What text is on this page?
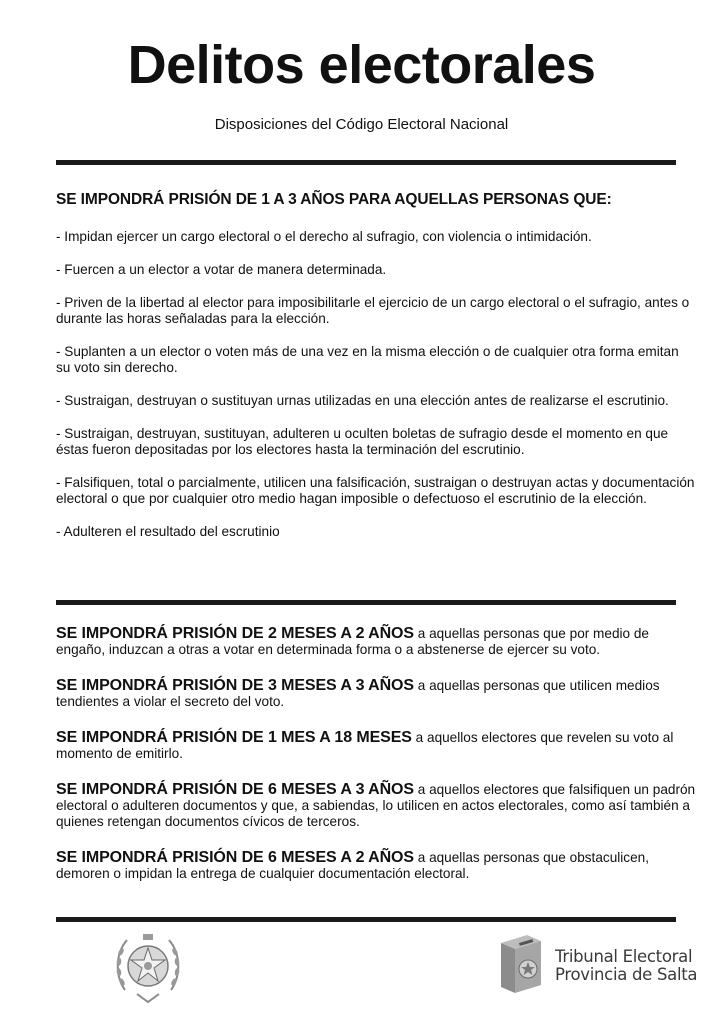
Delitos electorales
Disposiciones del Código Electoral Nacional
SE IMPONDRÁ PRISIÓN DE 1 A 3 AÑOS PARA AQUELLAS PERSONAS QUE:
- Impidan ejercer un cargo electoral o el derecho al sufragio, con violencia o intimidación.
- Fuercen a un elector a votar de manera determinada.
- Priven de la libertad al elector para imposibilitarle el ejercicio de un cargo electoral o el sufragio, antes o durante las horas señaladas para la elección.
- Suplanten a un elector o voten más de una vez en la misma elección o de cualquier otra forma emitan su voto sin derecho.
- Sustraigan, destruyan o sustituyan urnas utilizadas en una elección antes de realizarse el escrutinio.
- Sustraigan, destruyan, sustituyan, adulteren u oculten boletas de sufragio desde el momento en que éstas fueron depositadas por los electores hasta la terminación del escrutinio.
- Falsifiquen, total o parcialmente, utilicen una falsificación, sustraigan o destruyan actas y documentación electoral o que por cualquier otro medio hagan imposible o defectuoso el escrutinio de la elección.
- Adulteren el resultado del escrutinio
SE IMPONDRÁ PRISIÓN DE 2 MESES A 2 AÑOS a aquellas personas que por medio de engaño, induzcan a otras a votar en determinada forma o a abstenerse de ejercer su voto.
SE IMPONDRÁ PRISIÓN DE 3 MESES A 3 AÑOS a aquellas personas que utilicen medios tendientes a violar el secreto del voto.
SE IMPONDRÁ PRISIÓN DE 1 MES A 18 MESES a aquellos electores que revelen su voto al momento de emitirlo.
SE IMPONDRÁ PRISIÓN DE 6 MESES A 3 AÑOS a aquellos electores que falsifiquen un padrón electoral o adulteren documentos y que, a sabiendas, lo utilicen en actos electorales, como así también a quienes retengan documentos cívicos de terceros.
SE IMPONDRÁ PRISIÓN DE 6 MESES A 2 AÑOS a aquellas personas que obstaculicen, demoren o impidan la entrega de cualquier documentación electoral.
Tribunal Electoral
Provincia de Salta
